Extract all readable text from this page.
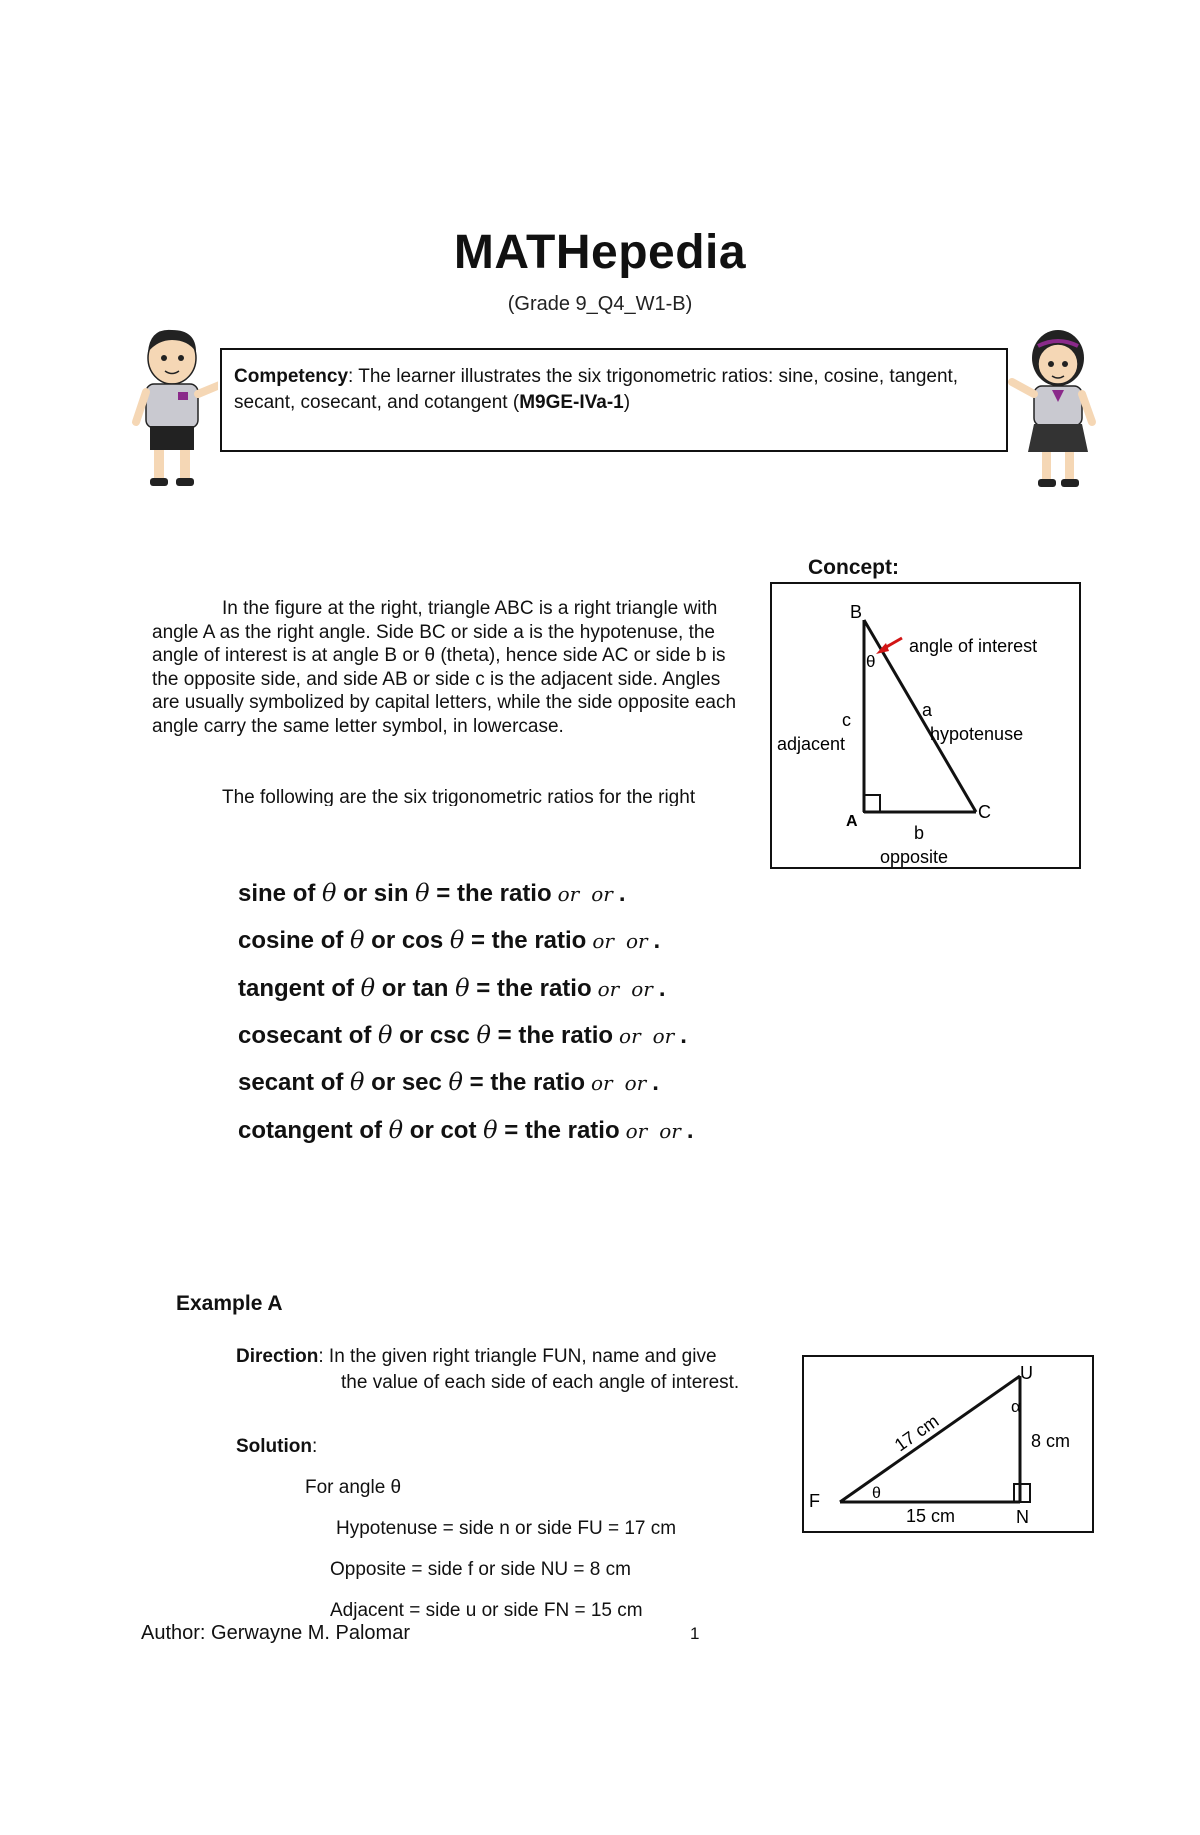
MATHepedia
(Grade 9_Q4_W1-B)
Competency: The learner illustrates the six trigonometric ratios: sine, cosine, tangent, secant, cosecant, and cotangent (M9GE-IVa-1)
Concept:
In the figure at the right, triangle ABC is a right triangle with angle A as the right angle. Side BC or side a is the hypotenuse, the angle of interest is at angle B or θ (theta), hence side AC or side b is the opposite side, and side AB or side c is the adjacent side. Angles are usually symbolized by capital letters, while the side opposite each angle carry the same letter symbol, in lowercase.
The following are the six trigonometric ratios for the right
B
θ
angle of interest
a
hypotenuse
c
adjacent
A	C
b
opposite
sine of θ or sin θ = the ratio or or .
cosine of θ or cos θ = the ratio or or .
tangent of θ or tan θ = the ratio or or .
cosecant of θ or csc θ = the ratio or or .
secant of θ or sec θ = the ratio or or .
cotangent of θ or cot θ = the ratio or or .
Example A
Direction: In the given right triangle FUN, name and give
the value of each side of each angle of interest.
Solution:
For angle θ
Hypotenuse = side n or side FU = 17 cm
Opposite = side f or side NU = 8 cm
Adjacent = side u or side FN = 15 cm
F
U
N
θ
α
17 cm	8 cm
15 cm
Author: Gerwayne M. Palomar	1
